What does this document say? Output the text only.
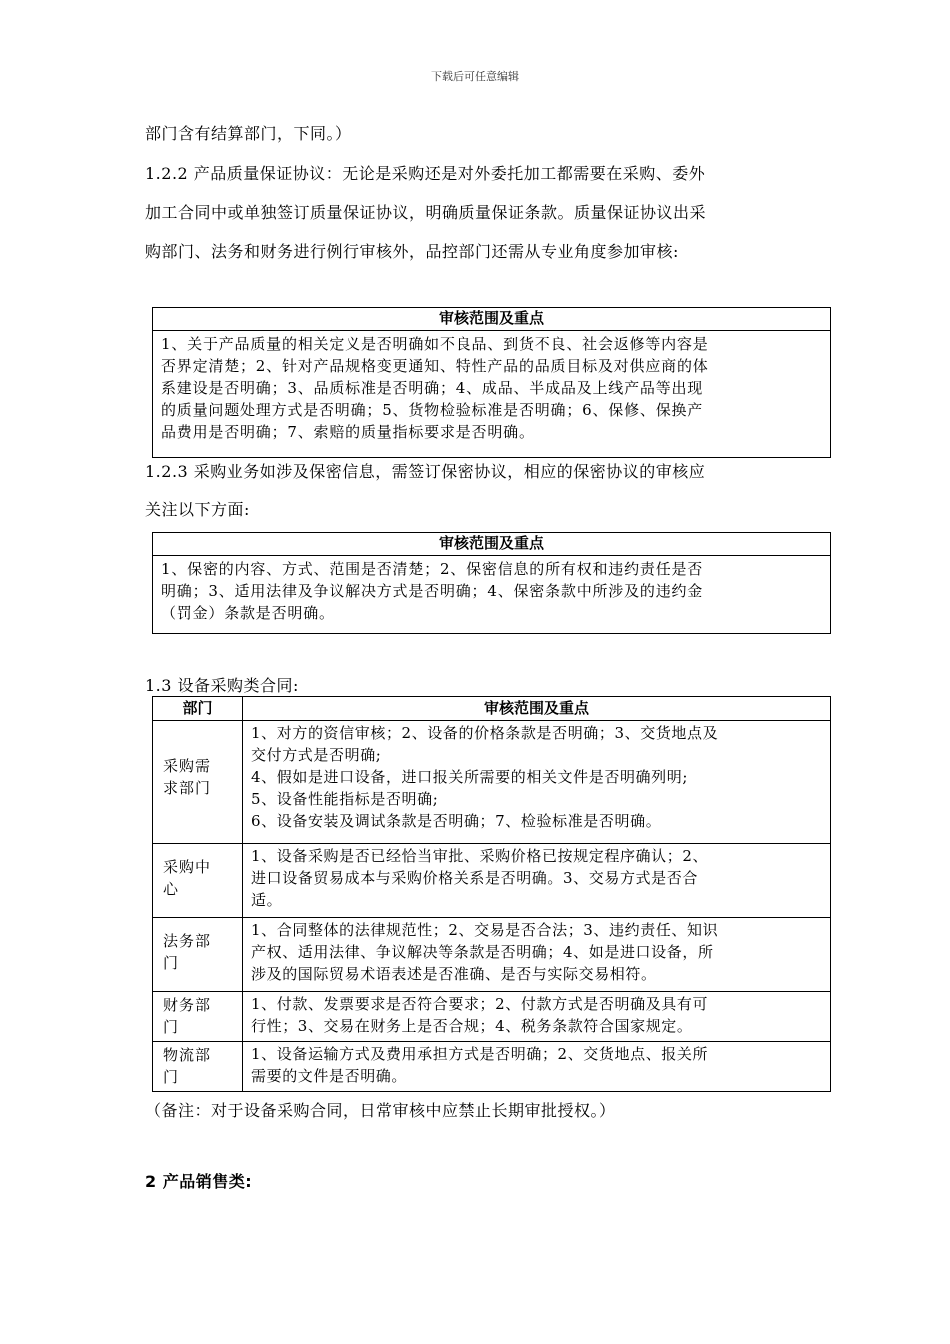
下载后可任意编辑
部门含有结算部门，下同。）
1.2.2 产品质量保证协议：无论是采购还是对外委托加工都需要在采购、委外
加工合同中或单独签订质量保证协议，明确质量保证条款。质量保证协议出采
购部门、法务和财务进行例行审核外，品控部门还需从专业角度参加审核:
审核范围及重点
1、关于产品质量的相关定义是否明确如不良品、到货不良、社会返修等内容是
否界定清楚；2、针对产品规格变更通知、特性产品的品质目标及对供应商的体
系建设是否明确；3、品质标准是否明确；4、成品、半成品及上线产品等出现
的质量问题处理方式是否明确；5、货物检验标准是否明确；6、保修、保换产
品费用是否明确；7、索赔的质量指标要求是否明确。
1.2.3 采购业务如涉及保密信息，需签订保密协议，相应的保密协议的审核应
关注以下方面:
审核范围及重点
1、保密的内容、方式、范围是否清楚；2、保密信息的所有权和违约责任是否
明确；3、适用法律及争议解决方式是否明确；4、保密条款中所涉及的违约金
（罚金）条款是否明确。
1.3 设备采购类合同:
部门	审核范围及重点

采购需
求部门	1、对方的资信审核；2、设备的价格条款是否明确；3、交货地点及
交付方式是否明确;
4、假如是进口设备，进口报关所需要的相关文件是否明确列明;
5、设备性能指标是否明确;
6、设备安装及调试条款是否明确；7、检验标准是否明确。

采购中
心	1、设备采购是否已经恰当审批、采购价格已按规定程序确认；2、
进口设备贸易成本与采购价格关系是否明确。3、交易方式是否合
适。

法务部
门	1、合同整体的法律规范性；2、交易是否合法；3、违约责任、知识
产权、适用法律、争议解决等条款是否明确；4、如是进口设备，所
涉及的国际贸易术语表述是否准确、是否与实际交易相符。

财务部
门	1、付款、发票要求是否符合要求；2、付款方式是否明确及具有可
行性；3、交易在财务上是否合规；4、税务条款符合国家规定。

物流部
门	1、设备运输方式及费用承担方式是否明确；2、交货地点、报关所
需要的文件是否明确。
（备注：对于设备采购合同，日常审核中应禁止长期审批授权。）
2 产品销售类:
